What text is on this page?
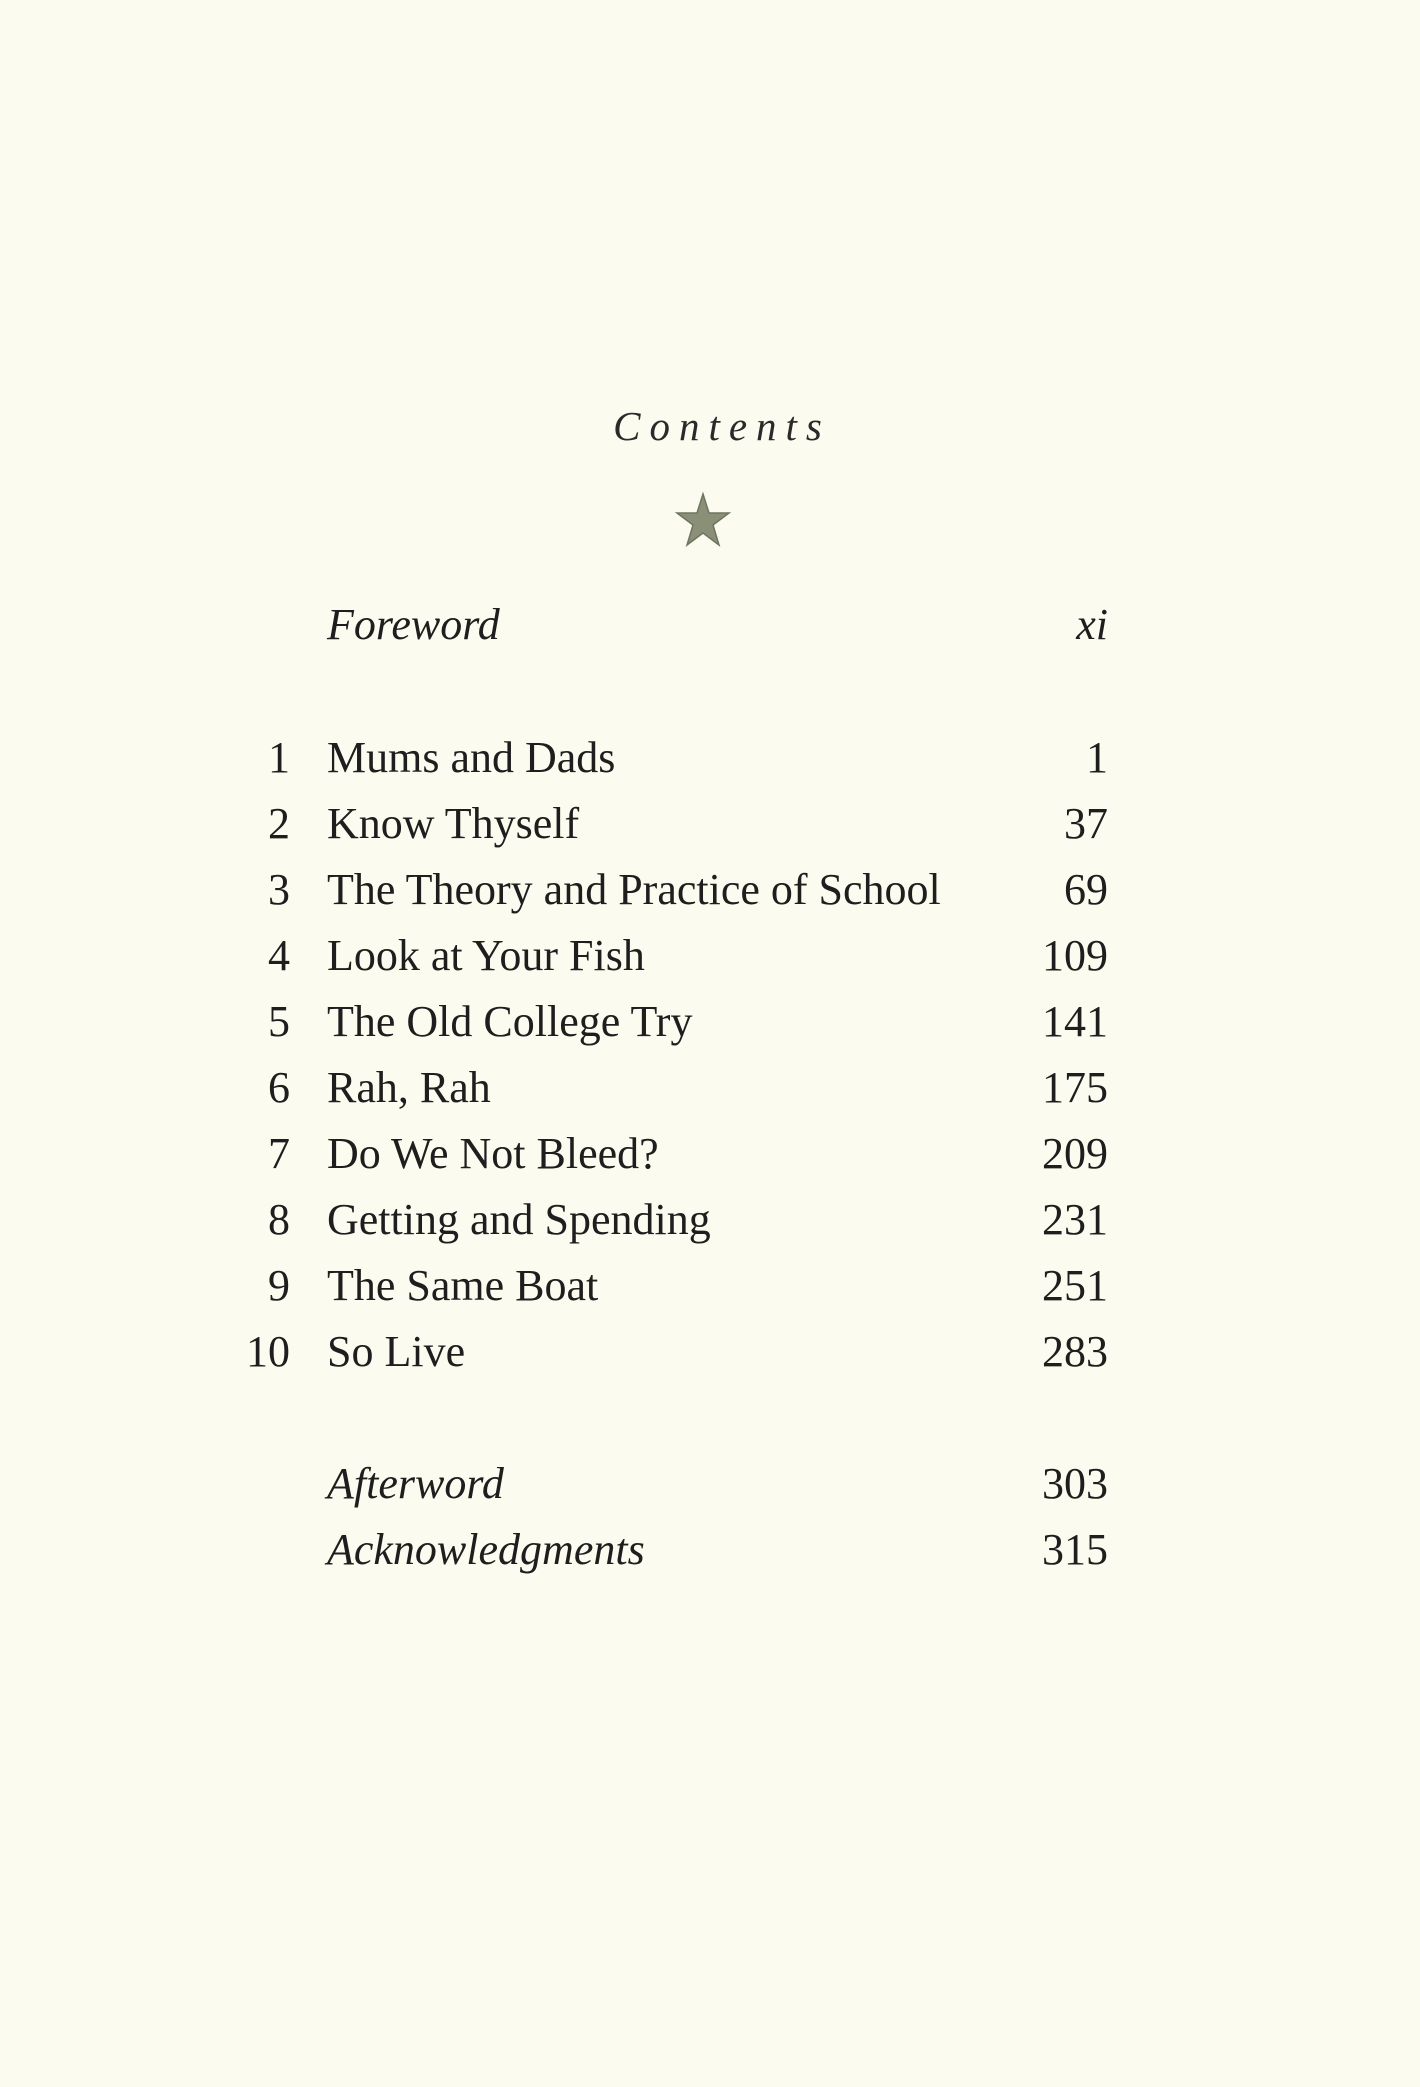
Contents
Foreword	xi
1 Mums and Dads	1
2 Know Thyself	37
3 The Theory and Practice of School	69
4 Look at Your Fish	109
5 The Old College Try	141
6 Rah, Rah	175
7 Do We Not Bleed?	209
8 Getting and Spending	231
9 The Same Boat	251
10 So Live	283
Afterword	303
Acknowledgments	315
